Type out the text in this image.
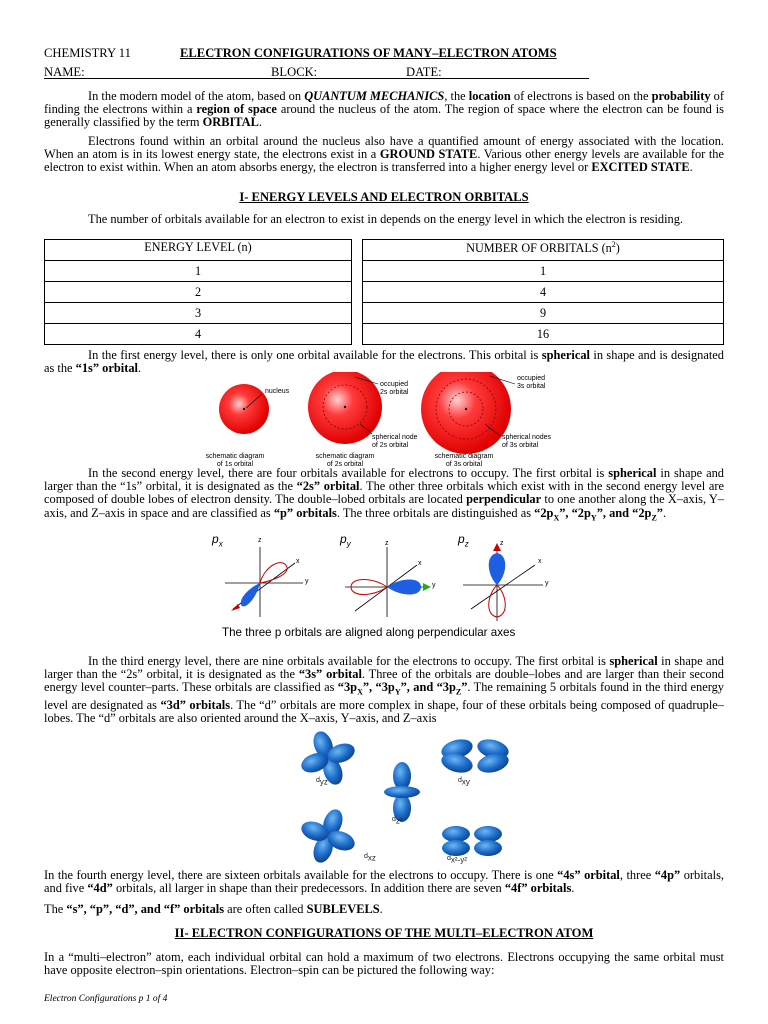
CHEMISTRY 11	ELECTRON CONFIGURATIONS OF MANY–ELECTRON ATOMS
NAME:	BLOCK:	DATE:
In the modern model of the atom, based on QUANTUM MECHANICS, the location of electrons is based on the probability of finding the electrons within a region of space around the nucleus of the atom. The region of space where the electron can be found is generally classified by the term ORBITAL.
Electrons found within an orbital around the nucleus also have a quantified amount of energy associated with the location. When an atom is in its lowest energy state, the electrons exist in a GROUND STATE. Various other energy levels are available for the electron to exist within. When an atom absorbs energy, the electron is transferred into a higher energy level or EXCITED STATE.
I- ENERGY LEVELS AND ELECTRON ORBITALS
The number of orbitals available for an electron to exist in depends on the energy level in which the electron is residing.
ENERGY LEVEL (n)		NUMBER OF ORBITALS $(n^2)$
1		1
2		4
3		9
4		16
In the first energy level, there is only one orbital available for the electrons. This orbital is spherical in shape and is designated as the “1s” orbital.
nucleus
occupied
2s orbital
occupied
3s orbital
spherical node
of 2s orbital
spherical nodes
of 3s orbital
schematic diagram
of 1s orbital
schematic diagram
of 2s orbital
schematic diagram
of 3s orbital
In the second energy level, there are four orbitals available for electrons to occupy. The first orbital is spherical in shape and larger than the “1s” orbital, it is designated as the “2s” orbital. The other three orbitals which exist with in the second energy level are composed of double lobes of electron density. The double–lobed orbitals are located perpendicular to one another along the X–axis, Y–axis, and Z–axis in space and are classified as “p” orbitals. The three orbitals are distinguished as “$2p_X$”, “$2p_Y$”, and “$2p_Z$”.
$p_x$	$p_y$	$p_z$
z
x
y
z
x
y
z
x
y
The three p orbitals are aligned along perpendicular axes
In the third energy level, there are nine orbitals available for the electrons to occupy. The first orbital is spherical in shape and larger than the “2s” orbital, it is designated as the “3s” orbital. Three of the orbitals are double–lobes and are larger than their second energy level counter–parts. These orbitals are classified as “$3p_X$”, “$3p_Y$”, and “$3p_Z$”. The remaining 5 orbitals found in the third energy level are designated as “3d” orbitals. The “d” orbitals are more complex in shape, four of these orbitals being composed of quadruple–lobes. The “d” orbitals are also oriented around the X–axis, Y–axis, and Z–axis
$d_{yz}$	$d_{xy}$
$d_{z^2}$
$d_{xz}$	$d_{x^2-y^2}$
In the fourth energy level, there are sixteen orbitals available for the electrons to occupy. There is one “4s” orbital, three “4p” orbitals, and five “4d” orbitals, all larger in shape than their predecessors. In addition there are seven “4f” orbitals.
The “s”, “p”, “d”, and “f” orbitals are often called SUBLEVELS.
II- ELECTRON CONFIGURATIONS OF THE MULTI–ELECTRON ATOM
In a “multi–electron” atom, each individual orbital can hold a maximum of two electrons. Electrons occupying the same orbital must have opposite electron–spin orientations. Electron–spin can be pictured the following way:
Electron Configurations p 1 of 4
